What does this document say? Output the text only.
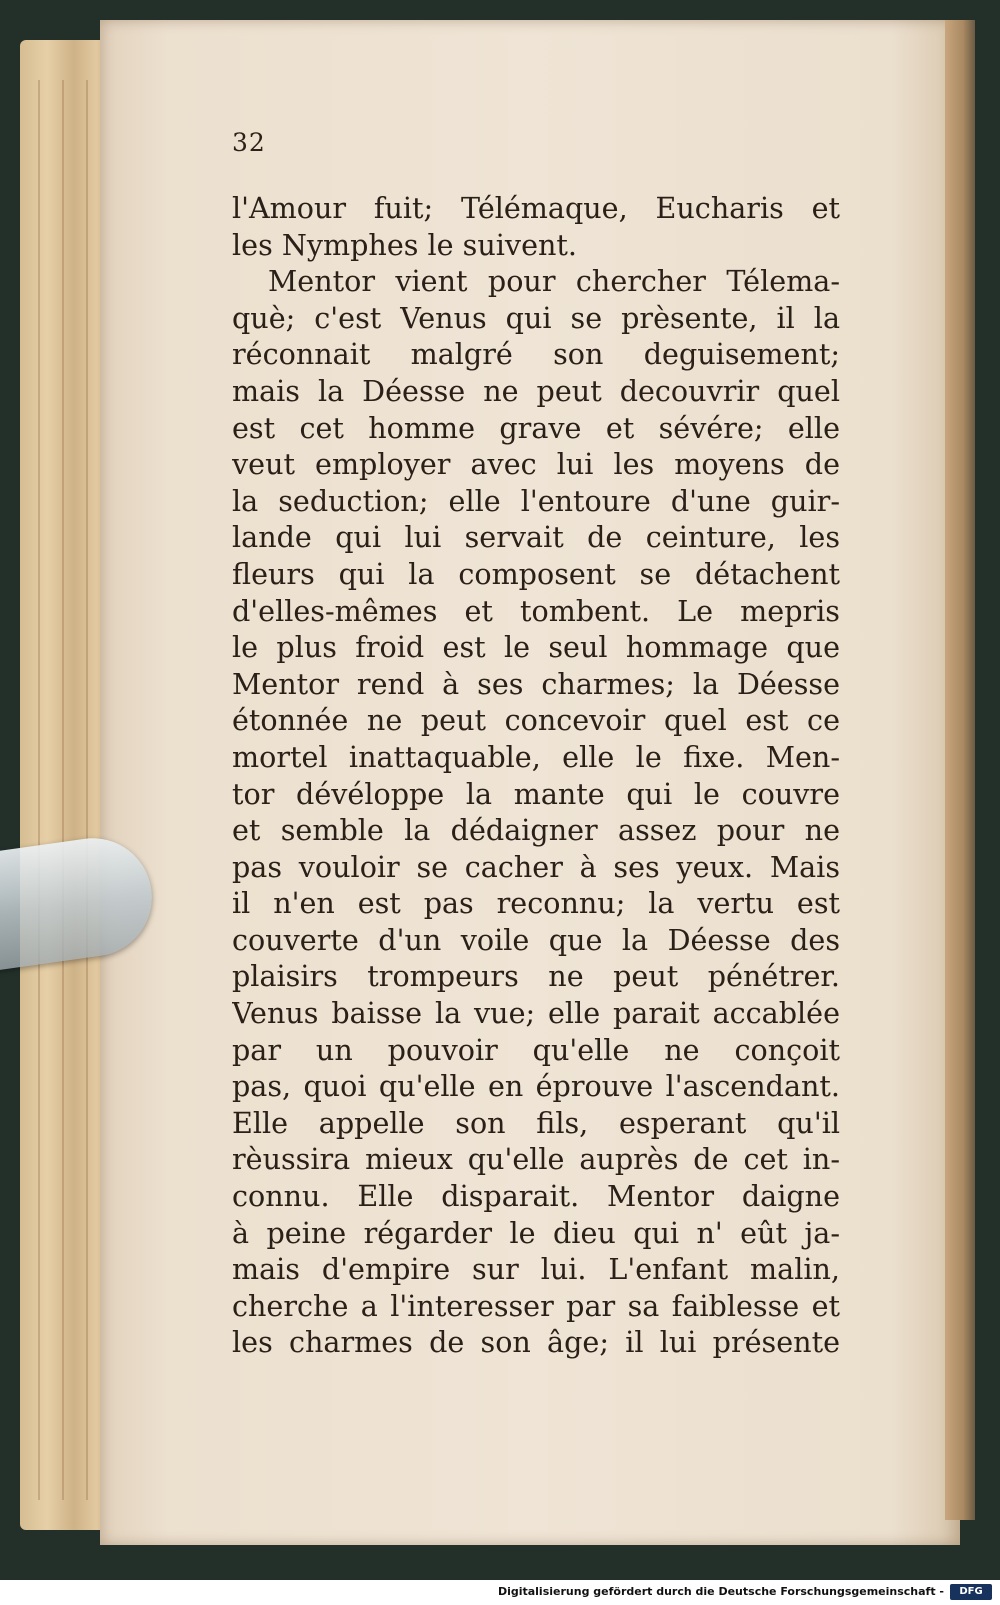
32
l'Amour fuit; Télémaque, Eucharis et
les Nymphes le suivent.
Mentor vient pour chercher Télema-
què; c'est Venus qui se prèsente, il la
réconnait malgré son deguisement;
mais la Déesse ne peut decouvrir quel
est cet homme grave et sévére; elle
veut employer avec lui les moyens de
la seduction; elle l'entoure d'une guir-
lande qui lui servait de ceinture, les
fleurs qui la composent se détachent
d'elles-mêmes et tombent. Le mepris
le plus froid est le seul hommage que
Mentor rend à ses charmes; la Déesse
étonnée ne peut concevoir quel est ce
mortel inattaquable, elle le fixe. Men-
tor dévéloppe la mante qui le couvre
et semble la dédaigner assez pour ne
pas vouloir se cacher à ses yeux. Mais
il n'en est pas reconnu; la vertu est
couverte d'un voile que la Déesse des
plaisirs trompeurs ne peut pénétrer.
Venus baisse la vue; elle parait accablée
par un pouvoir qu'elle ne conçoit
pas, quoi qu'elle en éprouve l'ascendant.
Elle appelle son fils, esperant qu'il
rèussira mieux qu'elle auprès de cet in-
connu. Elle disparait. Mentor daigne
à peine régarder le dieu qui n' eût ja-
mais d'empire sur lui. L'enfant malin,
cherche a l'interesser par sa faiblesse et
les charmes de son âge; il lui présente
Digitalisierung gefördert durch die Deutsche Forschungsgemeinschaft -	DFG
